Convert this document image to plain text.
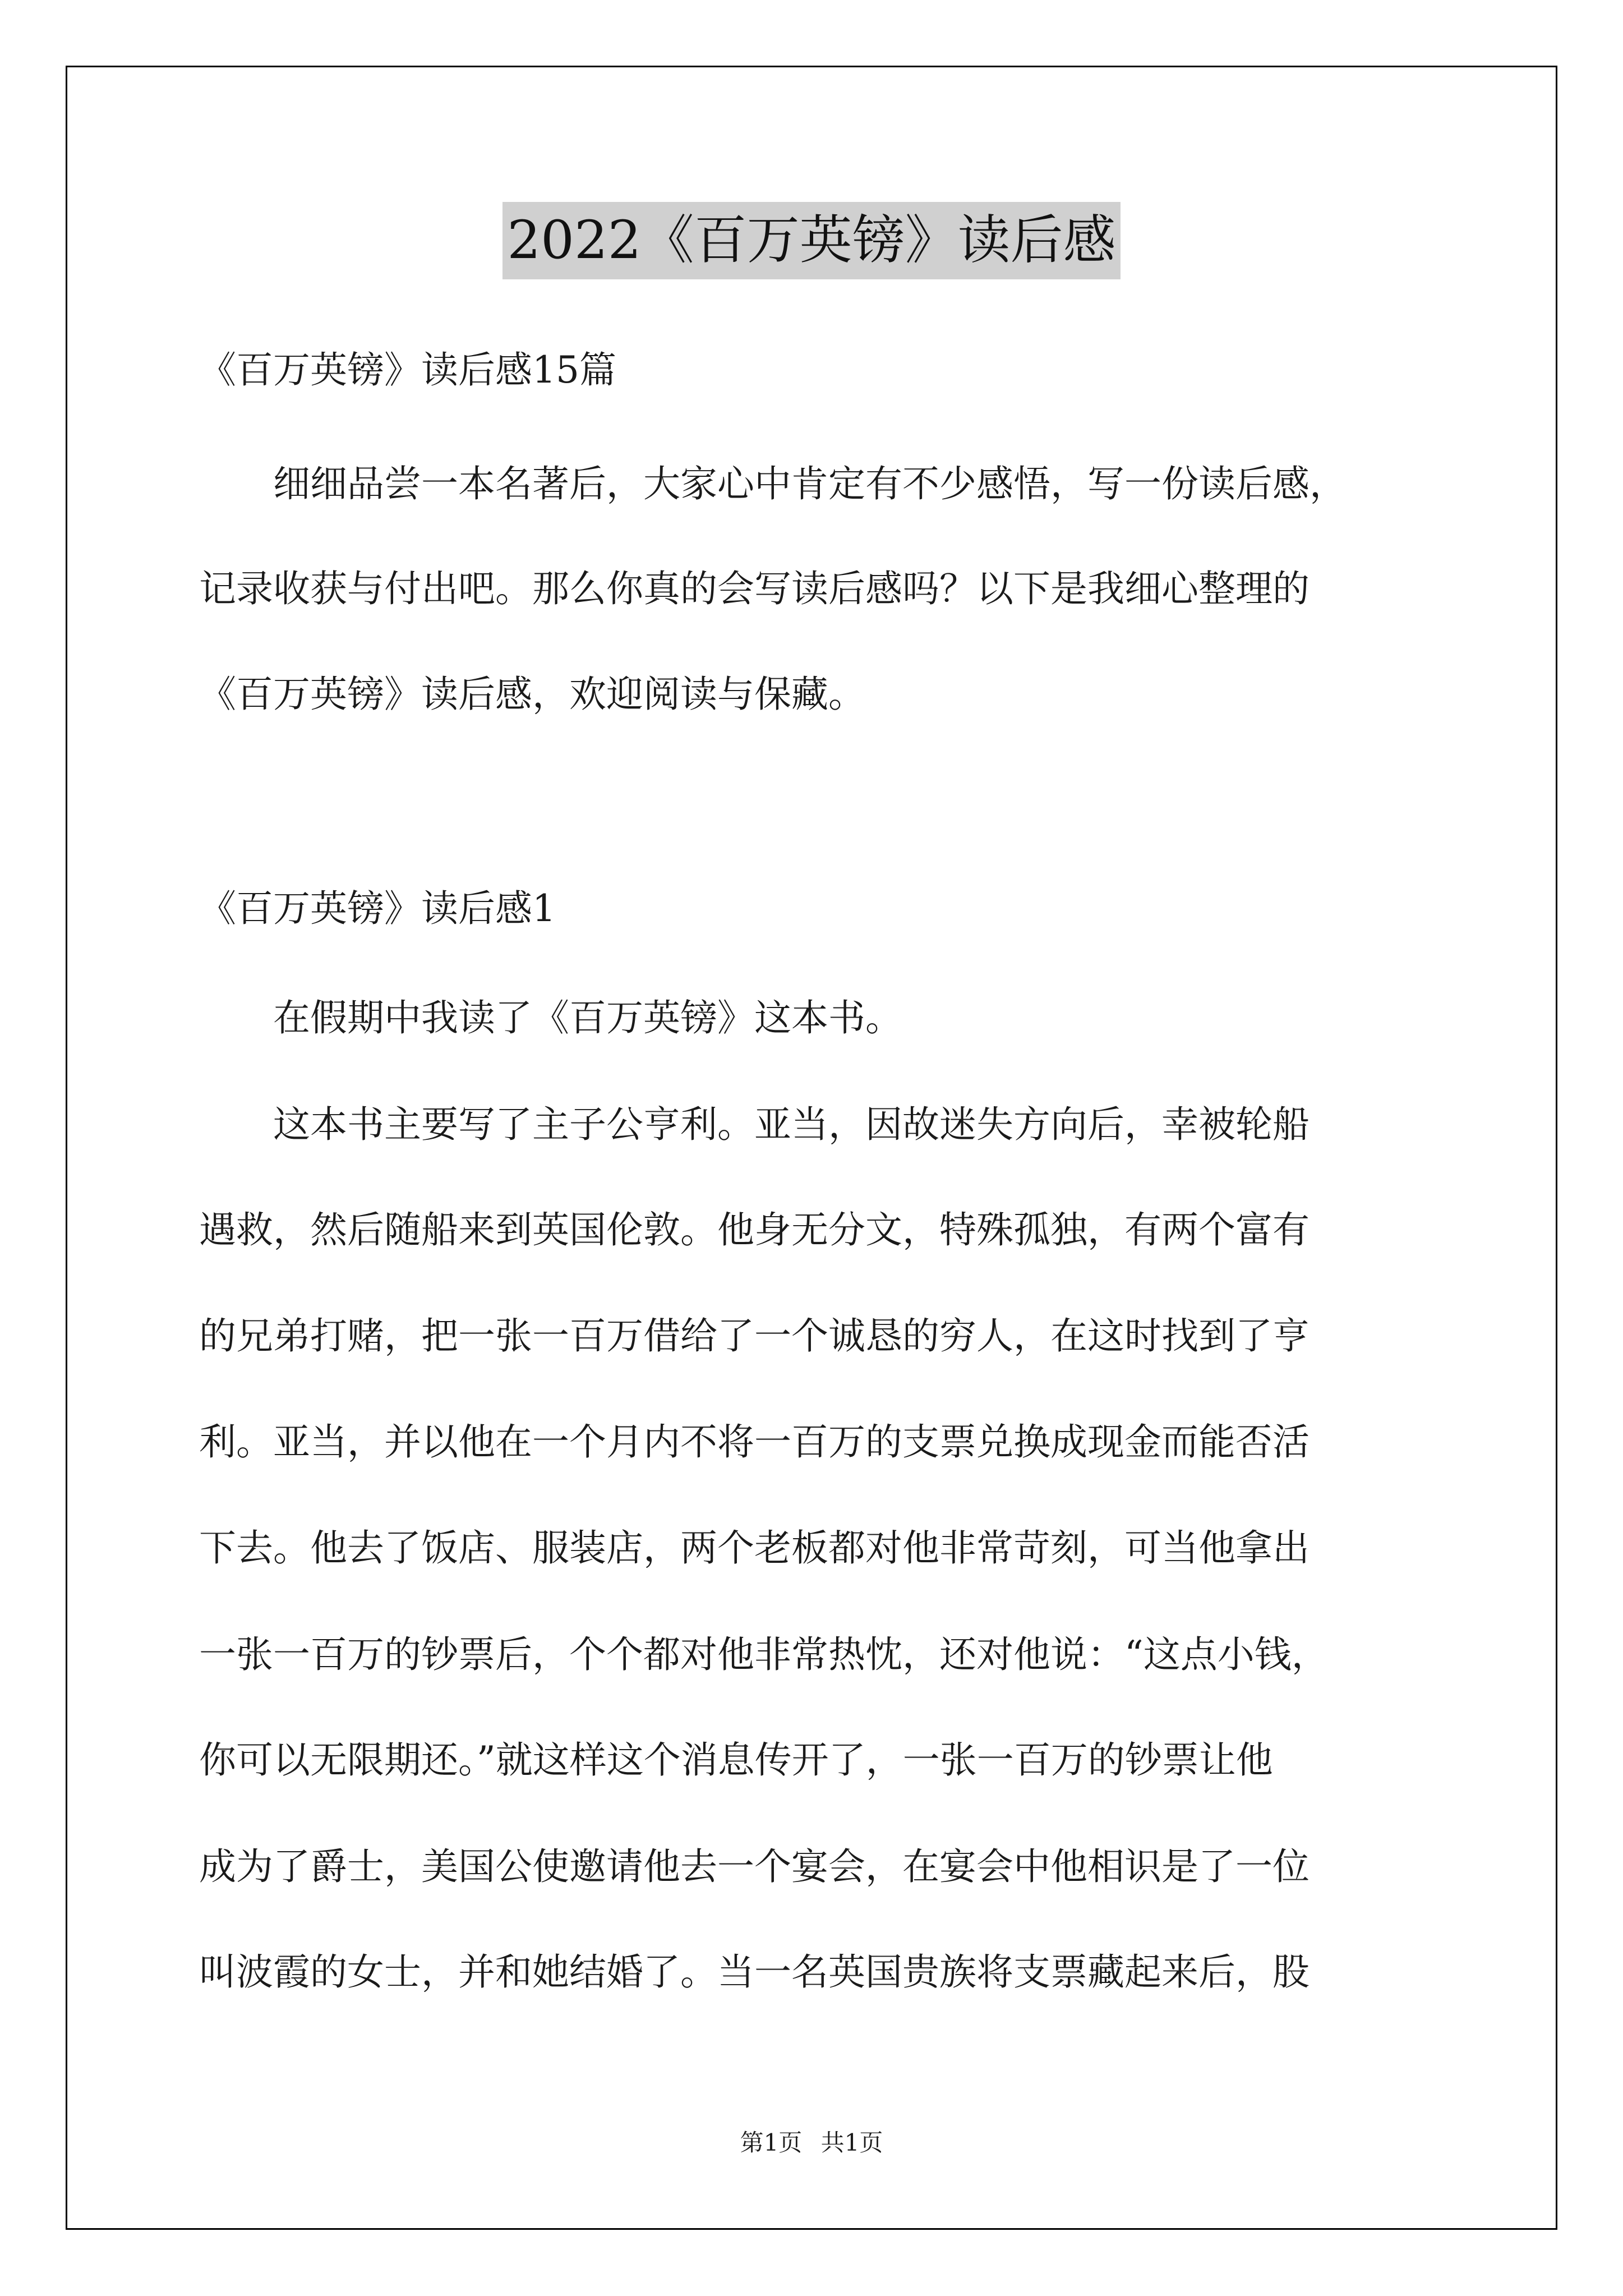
2022《百万英镑》读后感
《百万英镑》读后感15篇
　　细细品尝一本名著后，大家心中肯定有不少感悟，写一份读后感，
记录收获与付出吧。那么你真的会写读后感吗？以下是我细心整理的
《百万英镑》读后感，欢迎阅读与保藏。
《百万英镑》读后感1
　　在假期中我读了《百万英镑》这本书。
　　这本书主要写了主子公亨利。亚当，因故迷失方向后，幸被轮船
遇救，然后随船来到英国伦敦。他身无分文，特殊孤独，有两个富有
的兄弟打赌，把一张一百万借给了一个诚恳的穷人，在这时找到了亨
利。亚当，并以他在一个月内不将一百万的支票兑换成现金而能否活
下去。他去了饭店、服装店，两个老板都对他非常苛刻，可当他拿出
一张一百万的钞票后，个个都对他非常热忱，还对他说：“这点小钱，
你可以无限期还。”就这样这个消息传开了，一张一百万的钞票让他
成为了爵士，美国公使邀请他去一个宴会，在宴会中他相识是了一位
叫波霞的女士，并和她结婚了。当一名英国贵族将支票藏起来后，股
第1页 共1页
